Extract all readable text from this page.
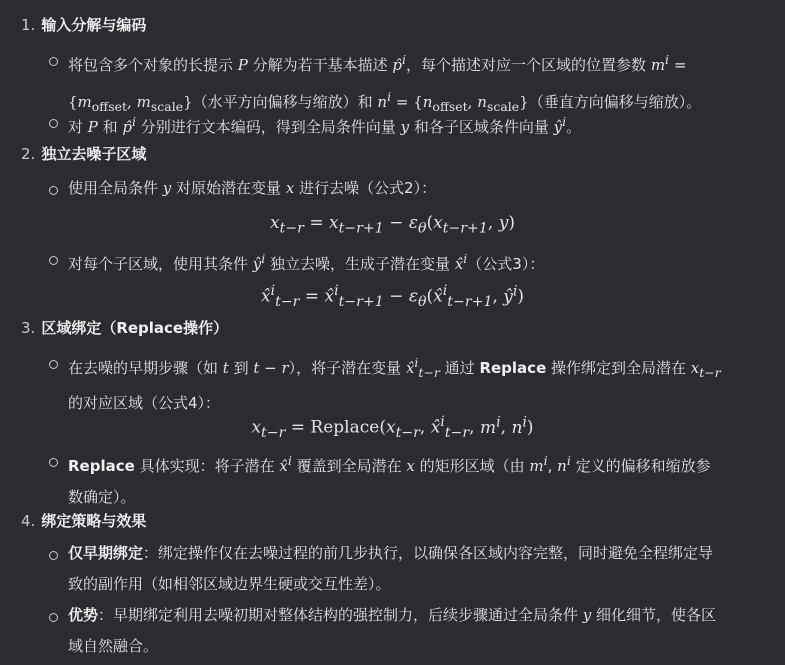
1. 输入分解与编码
将包含多个对象的长提示 P 分解为若干基本描述 p̂$^i$，每个描述对应一个区域的位置参数 $m^i$ =
{$m_{offset}$, $m_{scale}$}（水平方向偏移与缩放）和 $n^i = \{n_{offset}$, $n_{scale}$}（垂直方向偏移与缩放）。
对 P 和 p̂$^i$ 分别进行文本编码，得到全局条件向量 y 和各子区域条件向量 $ŷ^i$。
2. 独立去噪子区域
使用全局条件 y 对原始潜在变量 x 进行去噪（公式2）：
$x_{t-r} = x_{t-r+1} - \varepsilon_\theta(x_{t-r+1}$, y)
对每个子区域，使用其条件 $ŷ^i$ 独立去噪，生成子潜在变量 x̂$^i$（公式3）：
x̂$^i_{t-r}$ = x̂$^i_{t-r+1}$ − $\varepsilon_\theta(x̂^i_{t-r+1}$, $ŷ^i$)
3. 区域绑定（Replace操作）
在去噪的早期步骤（如 t 到 t − r），将子潜在变量 x̂$^i_{t-r}$ 通过 Replace 操作绑定到全局潜在 $x_{t-r}$
的对应区域（公式4）：
$x_{t-r}$ = $Replace(x_{t-r}$, x̂$^i_{t-r}$, $m^i$, $n^i$)
Replace 具体实现：将子潜在 x̂$^i$ 覆盖到全局潜在 x 的矩形区域（由 $m^i$, $n^i$ 定义的偏移和缩放参
数确定）。
4. 绑定策略与效果
仅早期绑定：绑定操作仅在去噪过程的前几步执行，以确保各区域内容完整，同时避免全程绑定导
致的副作用（如相邻区域边界生硬或交互性差）。
优势：早期绑定利用去噪初期对整体结构的强控制力，后续步骤通过全局条件 y 细化细节，使各区
域自然融合。
